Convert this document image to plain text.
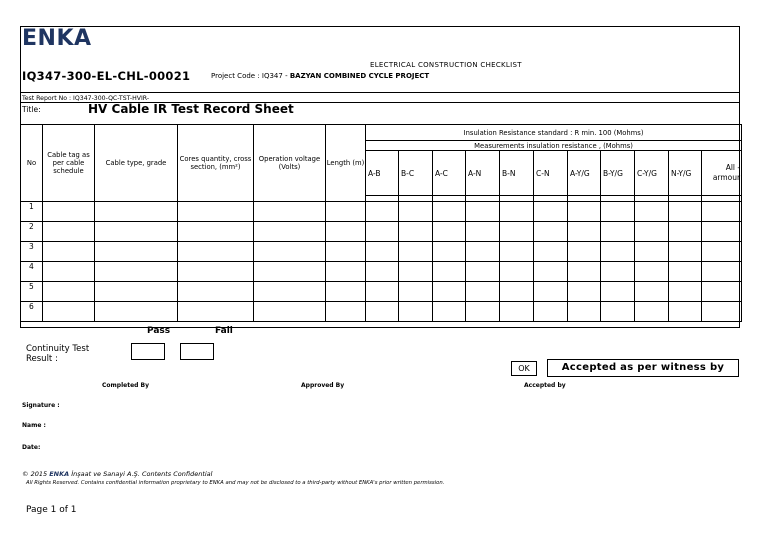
ENKA
ELECTRICAL CONSTRUCTION CHECKLIST
IQ347-300-EL-CHL-00021	Project Code : IQ347 - BAZYAN COMBINED CYCLE PROJECT
Test Report No : IQ347-300-QC-TST-HVIR-
Title:	HV Cable IR Test Record Sheet
No	Cable tag as per cable schedule	Cable type, grade	Cores quantity, cross section, (mm²)	Operation voltage (Volts)	Length (m)	Insulation Resistance standard : R min. 100 (Mohms)											
						Measurements insulation resistance , (Mohms)											
						A-B	B-C	A-C	A-N	B-N	C-N	A-Y/G	B-Y/G	C-Y/G	N-Y/G	All - armour	

1																	
2																	
3																	
4																	
5																	
6																	
Pass	Fail
Continuity Test Result :
OK	Accepted as per witness by
Completed By	Approved By	Accepted by
Signature :
Name :
Date:
© 2015 ENKA İnşaat ve Sanayi A.Ş. Contents Confidential
All Rights Reserved. Contains confidential information proprietary to ENKA and may not be disclosed to a third-party without ENKA's prior written permission.
Page 1 of 1
